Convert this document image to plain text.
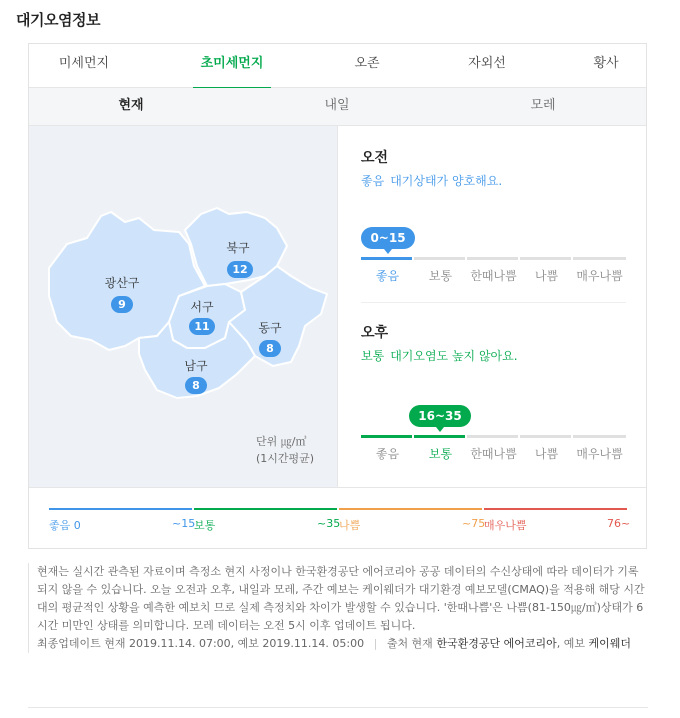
대기오염정보
미세먼지	초미세먼지	오존	자외선	황사
현재	내일	모레
광산구
9
북구
12
서구
11	동구
8
남구
8
단위 ㎍/㎥
(1시간평균)
오전
좋음 대기상태가 양호해요.
0~15
좋음	보통	한때나쁨	나쁨	매우나쁨
오후
보통 대기오염도 높지 않아요.
16~35
좋음	보통	한때나쁨	나쁨	매우나쁨
좋음 0	~15
보통	~35
나쁨	~75
매우나쁨	76~
현재는 실시간 관측된 자료이며 측정소 현지 사정이나 한국환경공단 에어코리아 공공 데이터의 수신상태에 따라 데이터가 기록되지 않을 수 있습니다. 오늘 오전과 오후, 내일과 모레, 주간 예보는 케이웨더가 대기환경 예보모델(CMAQ)을 적용해 해당 시간대의 평균적인 상황을 예측한 예보치 므로 실제 측정치와 차이가 발생할 수 있습니다. '한때나쁨'은 나쁨(81-150㎍/㎥)상태가 6시간 미만인 상태를 의미합니다. 모레 데이터는 오전 5시 이후 업데이트 됩니다.
최종업데이트 현재 2019.11.14. 07:00, 예보 2019.11.14. 05:00 | 출처 현재 한국환경공단 에어코리아, 예보 케이웨더
